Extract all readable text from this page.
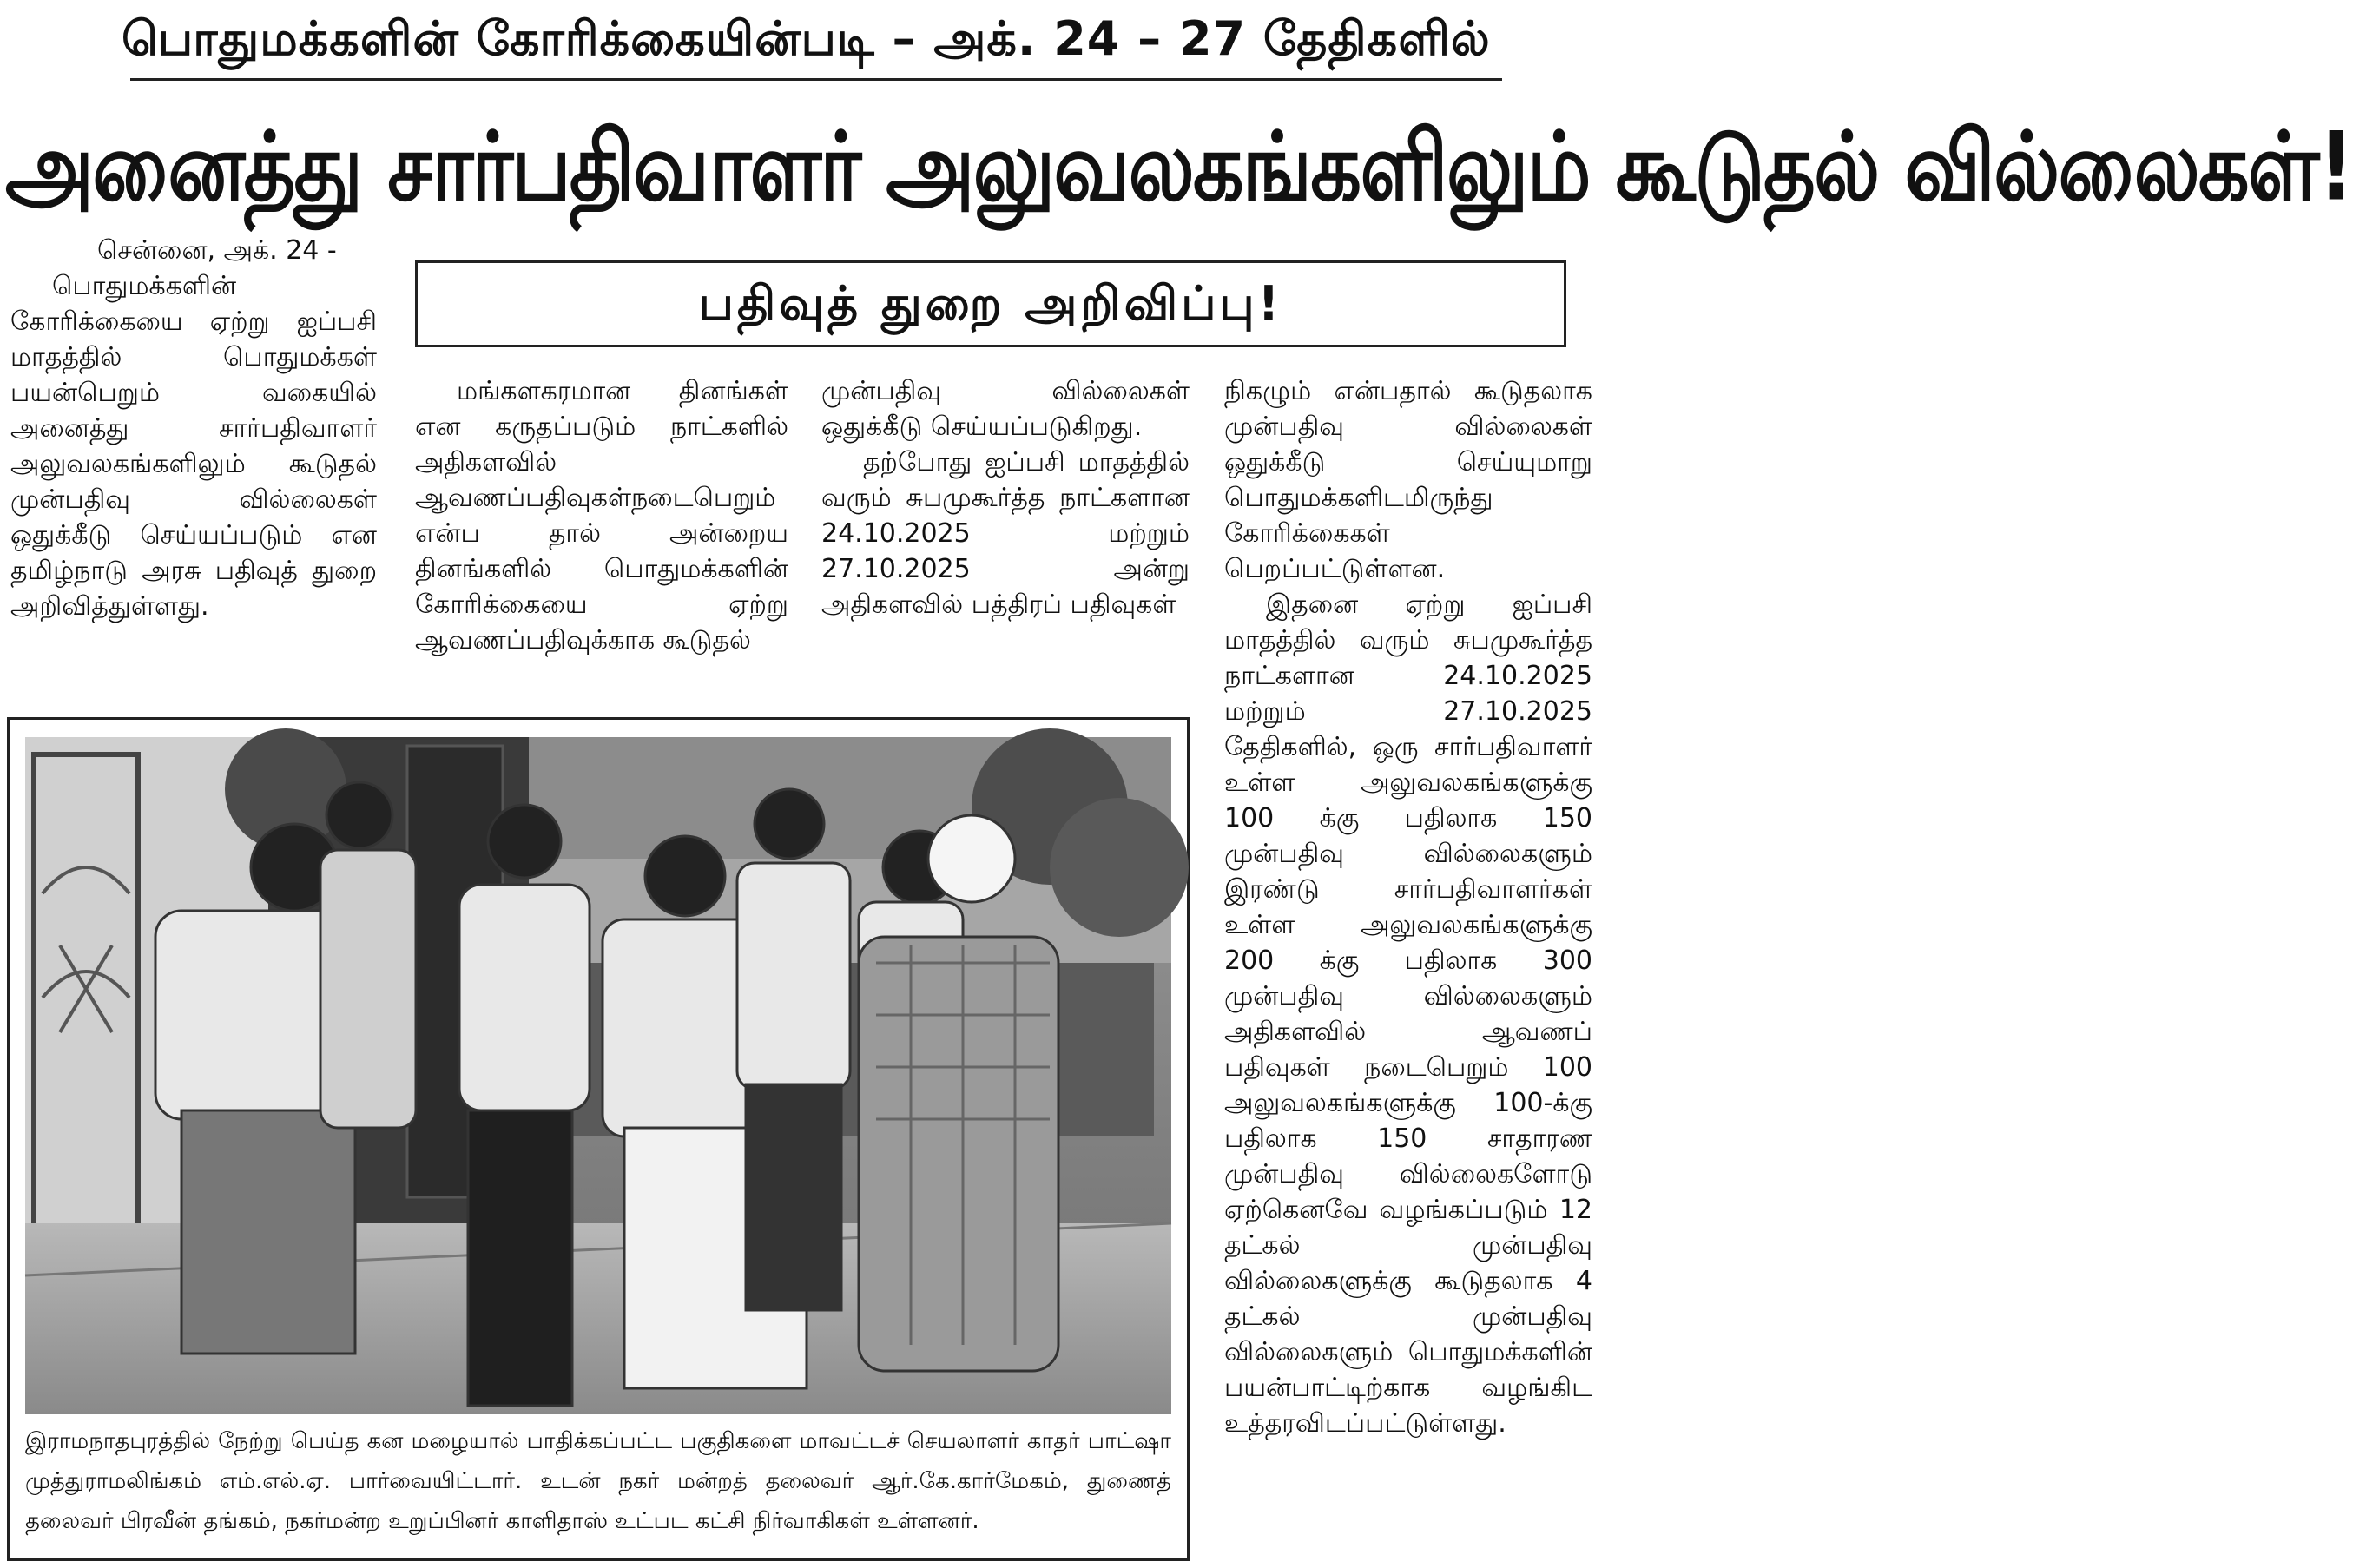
பொதுமக்களின் கோரிக்கையின்படி – அக். 24 – 27 தேதிகளில்
அனைத்து சார்பதிவாளர் அலுவலகங்களிலும் கூடுதல் வில்லைகள்!
பதிவுத் துறை அறிவிப்பு!
சென்னை, அக். 24 -

பொதுமக்களின் கோரிக்கையை ஏற்று ஐப்பசி மாதத்தில் பொதுமக்கள் பயன்பெறும் வகையில் அனைத்து சார்பதிவாளர் அலுவலகங்களிலும் கூடுதல் முன்பதிவு வில்லைகள் ஒதுக்கீடு செய்யப்படும் என தமிழ்நாடு அரசு பதிவுத் துறை அறிவித்துள்ளது.

மங்களகரமான தினங்கள் என கருதப்படும் நாட்களில் அதிகளவில் ஆவணப்பதிவுகள்நடைபெறும் என்ப தால் அன்றைய தினங்களில் பொதுமக்களின் கோரிக்கையை ஏற்று ஆவணப்பதிவுக்காக கூடுதல்

முன்பதிவு வில்லைகள் ஒதுக்கீடு செய்யப்படுகிறது.

தற்போது ஐப்பசி மாதத்தில் வரும் சுபமுகூர்த்த நாட்களான 24.10.2025 மற்றும் 27.10.2025 அன்று அதிகளவில் பத்திரப் பதிவுகள்

நிகழும் என்பதால் கூடுதலாக முன்பதிவு வில்லைகள் ஒதுக்கீடு செய்யுமாறு பொதுமக்களிடமிருந்து கோரிக்கைகள் பெறப்பட்டுள்ளன.

இதனை ஏற்று ஐப்பசி மாதத்தில் வரும் சுபமுகூர்த்த நாட்களான 24.10.2025 மற்றும் 27.10.2025 தேதிகளில், ஒரு சார்பதிவாளர் உள்ள அலுவலகங்களுக்கு 100 க்கு பதிலாக 150 முன்பதிவு வில்லைகளும் இரண்டு சார்பதிவாளர்கள் உள்ள அலுவலகங்களுக்கு 200 க்கு பதிலாக 300 முன்பதிவு வில்லைகளும் அதிகளவில் ஆவணப் பதிவுகள் நடைபெறும் 100 அலுவலகங்களுக்கு 100-க்கு பதிலாக 150 சாதாரண முன்பதிவு வில்லைகளோடு ஏற்கெனவே வழங்கப்படும் 12 தட்கல் முன்பதிவு வில்லைகளுக்கு கூடுதலாக 4 தட்கல் முன்பதிவு வில்லைகளும் பொதுமக்களின் பயன்பாட்டிற்காக வழங்கிட உத்தரவிடப்பட்டுள்ளது.

இராமநாதபுரத்தில் நேற்று பெய்த கன மழையால் பாதிக்கப்பட்ட பகுதிகளை மாவட்டச் செயலாளர் காதர் பாட்ஷா முத்துராமலிங்கம் எம்.எல்.ஏ. பார்வையிட்டார். உடன் நகர் மன்றத் தலைவர் ஆர்.கே.கார்மேகம், துணைத் தலைவர் பிரவீன் தங்கம், நகர்மன்ற உறுப்பினர் காளிதாஸ் உட்பட கட்சி நிர்வாகிகள் உள்ளனர்.
